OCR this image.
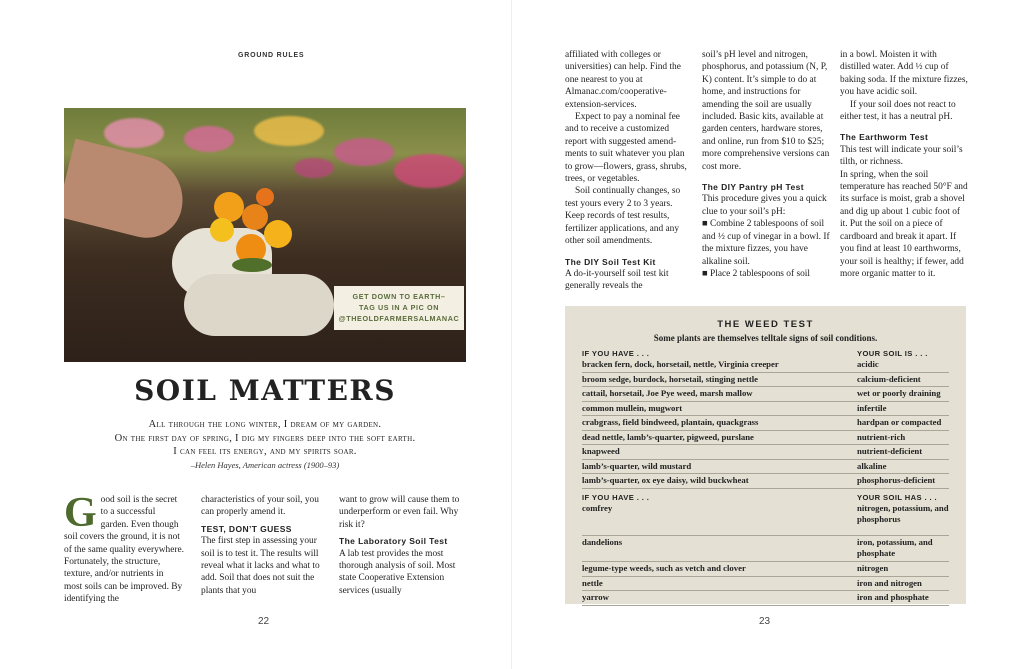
GROUND RULES
GET DOWN TO EARTH–
TAG US IN A PIC ON
@THEOLDFARMERSALMANAC
SOIL MATTERS
All through the long winter, I dream of my garden.
On the first day of spring, I dig my fingers deep into the soft earth.
I can feel its energy, and my spirits soar.
–Helen Hayes, American actress (1900–93)

Good soil is the secret to a successful garden. Even though soil covers the ground, it is not of the same quality everywhere. Fortunately, the structure, texture, and/or nutrients in most soils can be improved. By identifying the

characteristics of your soil, you can properly amend it.

TEST, DON’T GUESS

The first step in assessing your soil is to test it. The results will reveal what it lacks and what to add. Soil that does not suit the plants that you

want to grow will cause them to underperform or even fail. Why risk it?

The Laboratory Soil Test

A lab test provides the most thorough analysis of soil. Most state Cooperative Extension services (usually

22

affiliated with colleges or universities) can help. Find the one nearest to you at Almanac.com/cooperative-extension-services.

Expect to pay a nominal fee and to receive a customized report with suggested amend-ments to suit whatever you plan to grow—flowers, grass, shrubs, trees, or vegetables.

Soil continually changes, so test yours every 2 to 3 years. Keep records of test results, fertilizer applications, and any other soil amendments.

The DIY Soil Test Kit

A do-it-yourself soil test kit generally reveals the

soil’s pH level and nitrogen, phosphorus, and potassium (N, P, K) content. It’s simple to do at home, and instructions for amending the soil are usually included. Basic kits, available at garden centers, hardware stores, and online, run from $10 to $25; more comprehensive versions can cost more.

The DIY Pantry pH Test

This procedure gives you a quick clue to your soil’s pH:

■ Combine 2 tablespoons of soil and ½ cup of vinegar in a bowl. If the mixture fizzes, you have alkaline soil.

■ Place 2 tablespoons of soil

in a bowl. Moisten it with distilled water. Add ½ cup of baking soda. If the mixture fizzes, you have acidic soil.

If your soil does not react to either test, it has a neutral pH.

The Earthworm Test

This test will indicate your soil’s tilth, or richness.

In spring, when the soil temperature has reached 50°F and its surface is moist, grab a shovel and dig up about 1 cubic foot of it. Put the soil on a piece of cardboard and break it apart. If you find at least 10 earthworms, your soil is healthy; if fewer, add more organic matter to it.

23
THE WEED TEST
Some plants are themselves telltale signs of soil conditions.
IF YOU HAVE . . .	YOUR SOIL IS . . .
bracken fern, dock, horsetail, nettle, Virginia creeper	acidic
broom sedge, burdock, horsetail, stinging nettle	calcium-deficient
cattail, horsetail, Joe Pye weed, marsh mallow	wet or poorly draining
common mullein, mugwort	infertile
crabgrass, field bindweed, plantain, quackgrass	hardpan or compacted
dead nettle, lamb’s-quarter, pigweed, purslane	nutrient-rich
knapweed	nutrient-deficient
lamb’s-quarter, wild mustard	alkaline
lamb’s-quarter, ox eye daisy, wild buckwheat	phosphorus-deficient
IF YOU HAVE . . .	YOUR SOIL HAS . . .
comfrey	nitrogen, potassium, and phosphorus
dandelions	iron, potassium, and phosphate
legume-type weeds, such as vetch and clover	nitrogen
nettle	iron and nitrogen
yarrow	iron and phosphate
